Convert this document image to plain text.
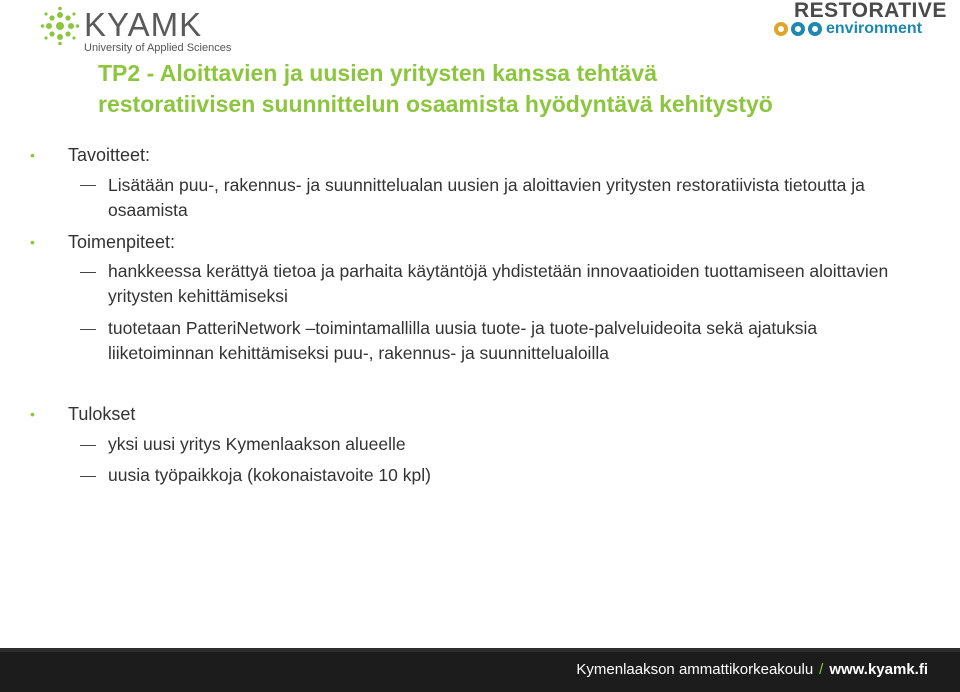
KYAMK
University of Applied Sciences
RESTORATIVE
environment
TP2 - Aloittavien ja uusien yritysten kanssa tehtävä
restoratiivisen suunnittelun osaamista hyödyntävä kehitystyö
• Tavoitteet:
Lisätään puu-, rakennus- ja suunnittelualan uusien ja aloittavien yritysten restoratiivista tietoutta ja osaamista
• Toimenpiteet:
hankkeessa kerättyä tietoa ja parhaita käytäntöjä yhdistetään innovaatioiden tuottamiseen aloittavien yritysten kehittämiseksi
tuotetaan PatteriNetwork –toimintamallilla uusia tuote- ja tuote-palveluideoita sekä ajatuksia liiketoiminnan kehittämiseksi puu-, rakennus- ja suunnittelualoilla
• Tulokset
yksi uusi yritys Kymenlaakson alueelle
uusia työpaikkoja (kokonaistavoite 10 kpl)
Kymenlaakson ammattikorkeakoulu / www.kyamk.fi
